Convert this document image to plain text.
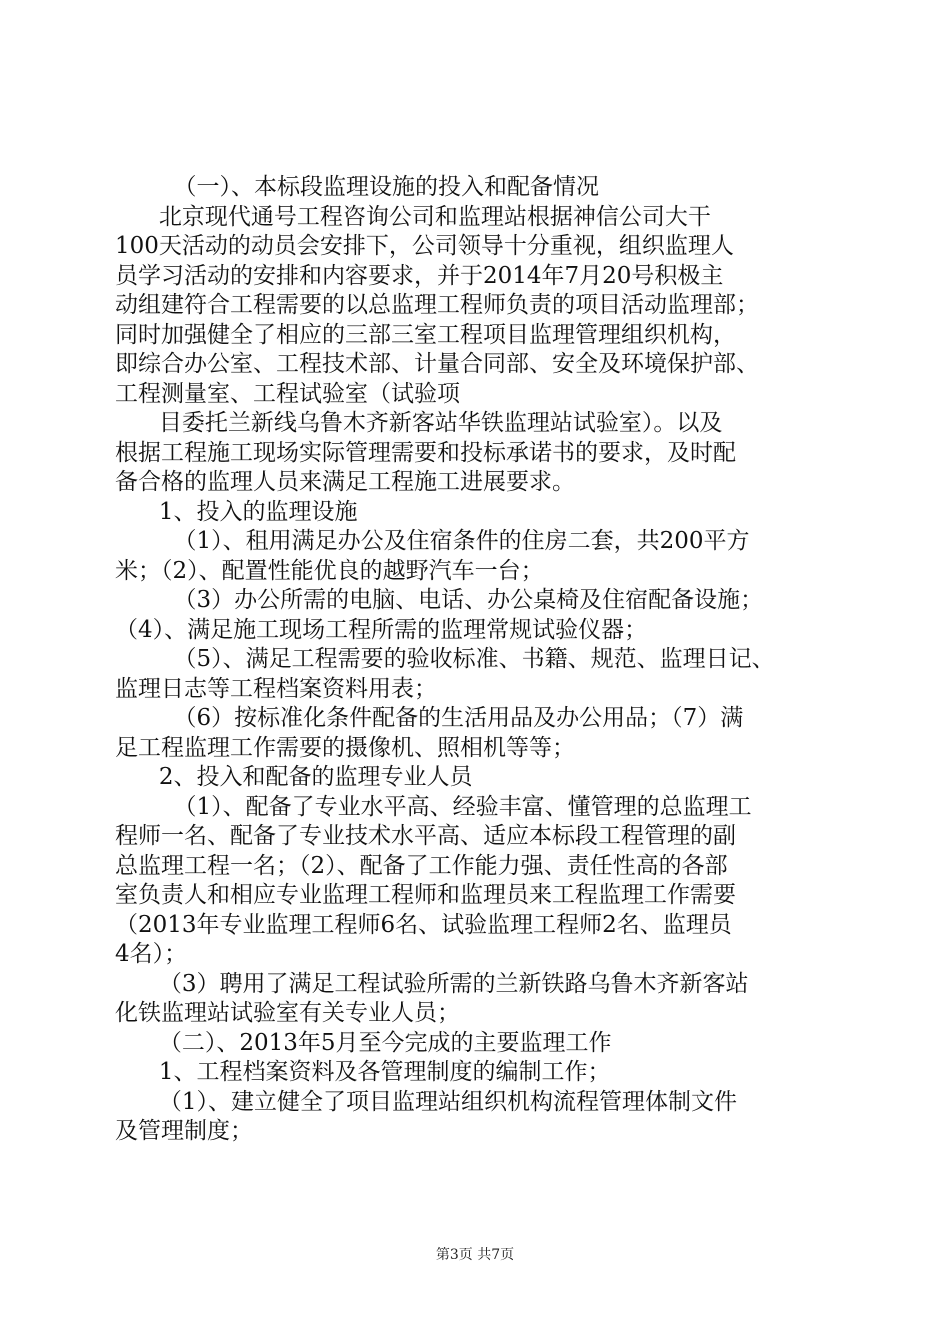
（一）、本标段监理设施的投入和配备情况

北京现代通号工程咨询公司和监理站根据神信公司大干

100天活动的动员会安排下，公司领导十分重视，组织监理人

员学习活动的安排和内容要求，并于2014年7月20号积极主

动组建符合工程需要的以总监理工程师负责的项目活动监理部；

同时加强健全了相应的三部三室工程项目监理管理组织机构，

即综合办公室、工程技术部、计量合同部、安全及环境保护部、

工程测量室、工程试验室（试验项

目委托兰新线乌鲁木齐新客站华铁监理站试验室）。以及

根据工程施工现场实际管理需要和投标承诺书的要求，及时配

备合格的监理人员来满足工程施工进展要求。

1、投入的监理设施

（1）、租用满足办公及住宿条件的住房二套，共200平方

米；（2）、配置性能优良的越野汽车一台；

（3）办公所需的电脑、电话、办公桌椅及住宿配备设施；

（4）、满足施工现场工程所需的监理常规试验仪器；

（5）、满足工程需要的验收标准、书籍、规范、监理日记、

监理日志等工程档案资料用表；

（6）按标准化条件配备的生活用品及办公用品；（7）满

足工程监理工作需要的摄像机、照相机等等；

2、投入和配备的监理专业人员

（1）、配备了专业水平高、经验丰富、懂管理的总监理工

程师一名、配备了专业技术水平高、适应本标段工程管理的副

总监理工程一名；（2）、配备了工作能力强、责任性高的各部

室负责人和相应专业监理工程师和监理员来工程监理工作需要

（2013年专业监理工程师6名、试验监理工程师2名、监理员

4名）；

（3）聘用了满足工程试验所需的兰新铁路乌鲁木齐新客站

化铁监理站试验室有关专业人员；

（二）、2013年5月至今完成的主要监理工作

1、工程档案资料及各管理制度的编制工作；

（1）、建立健全了项目监理站组织机构流程管理体制文件

及管理制度；

第3页 共7页
